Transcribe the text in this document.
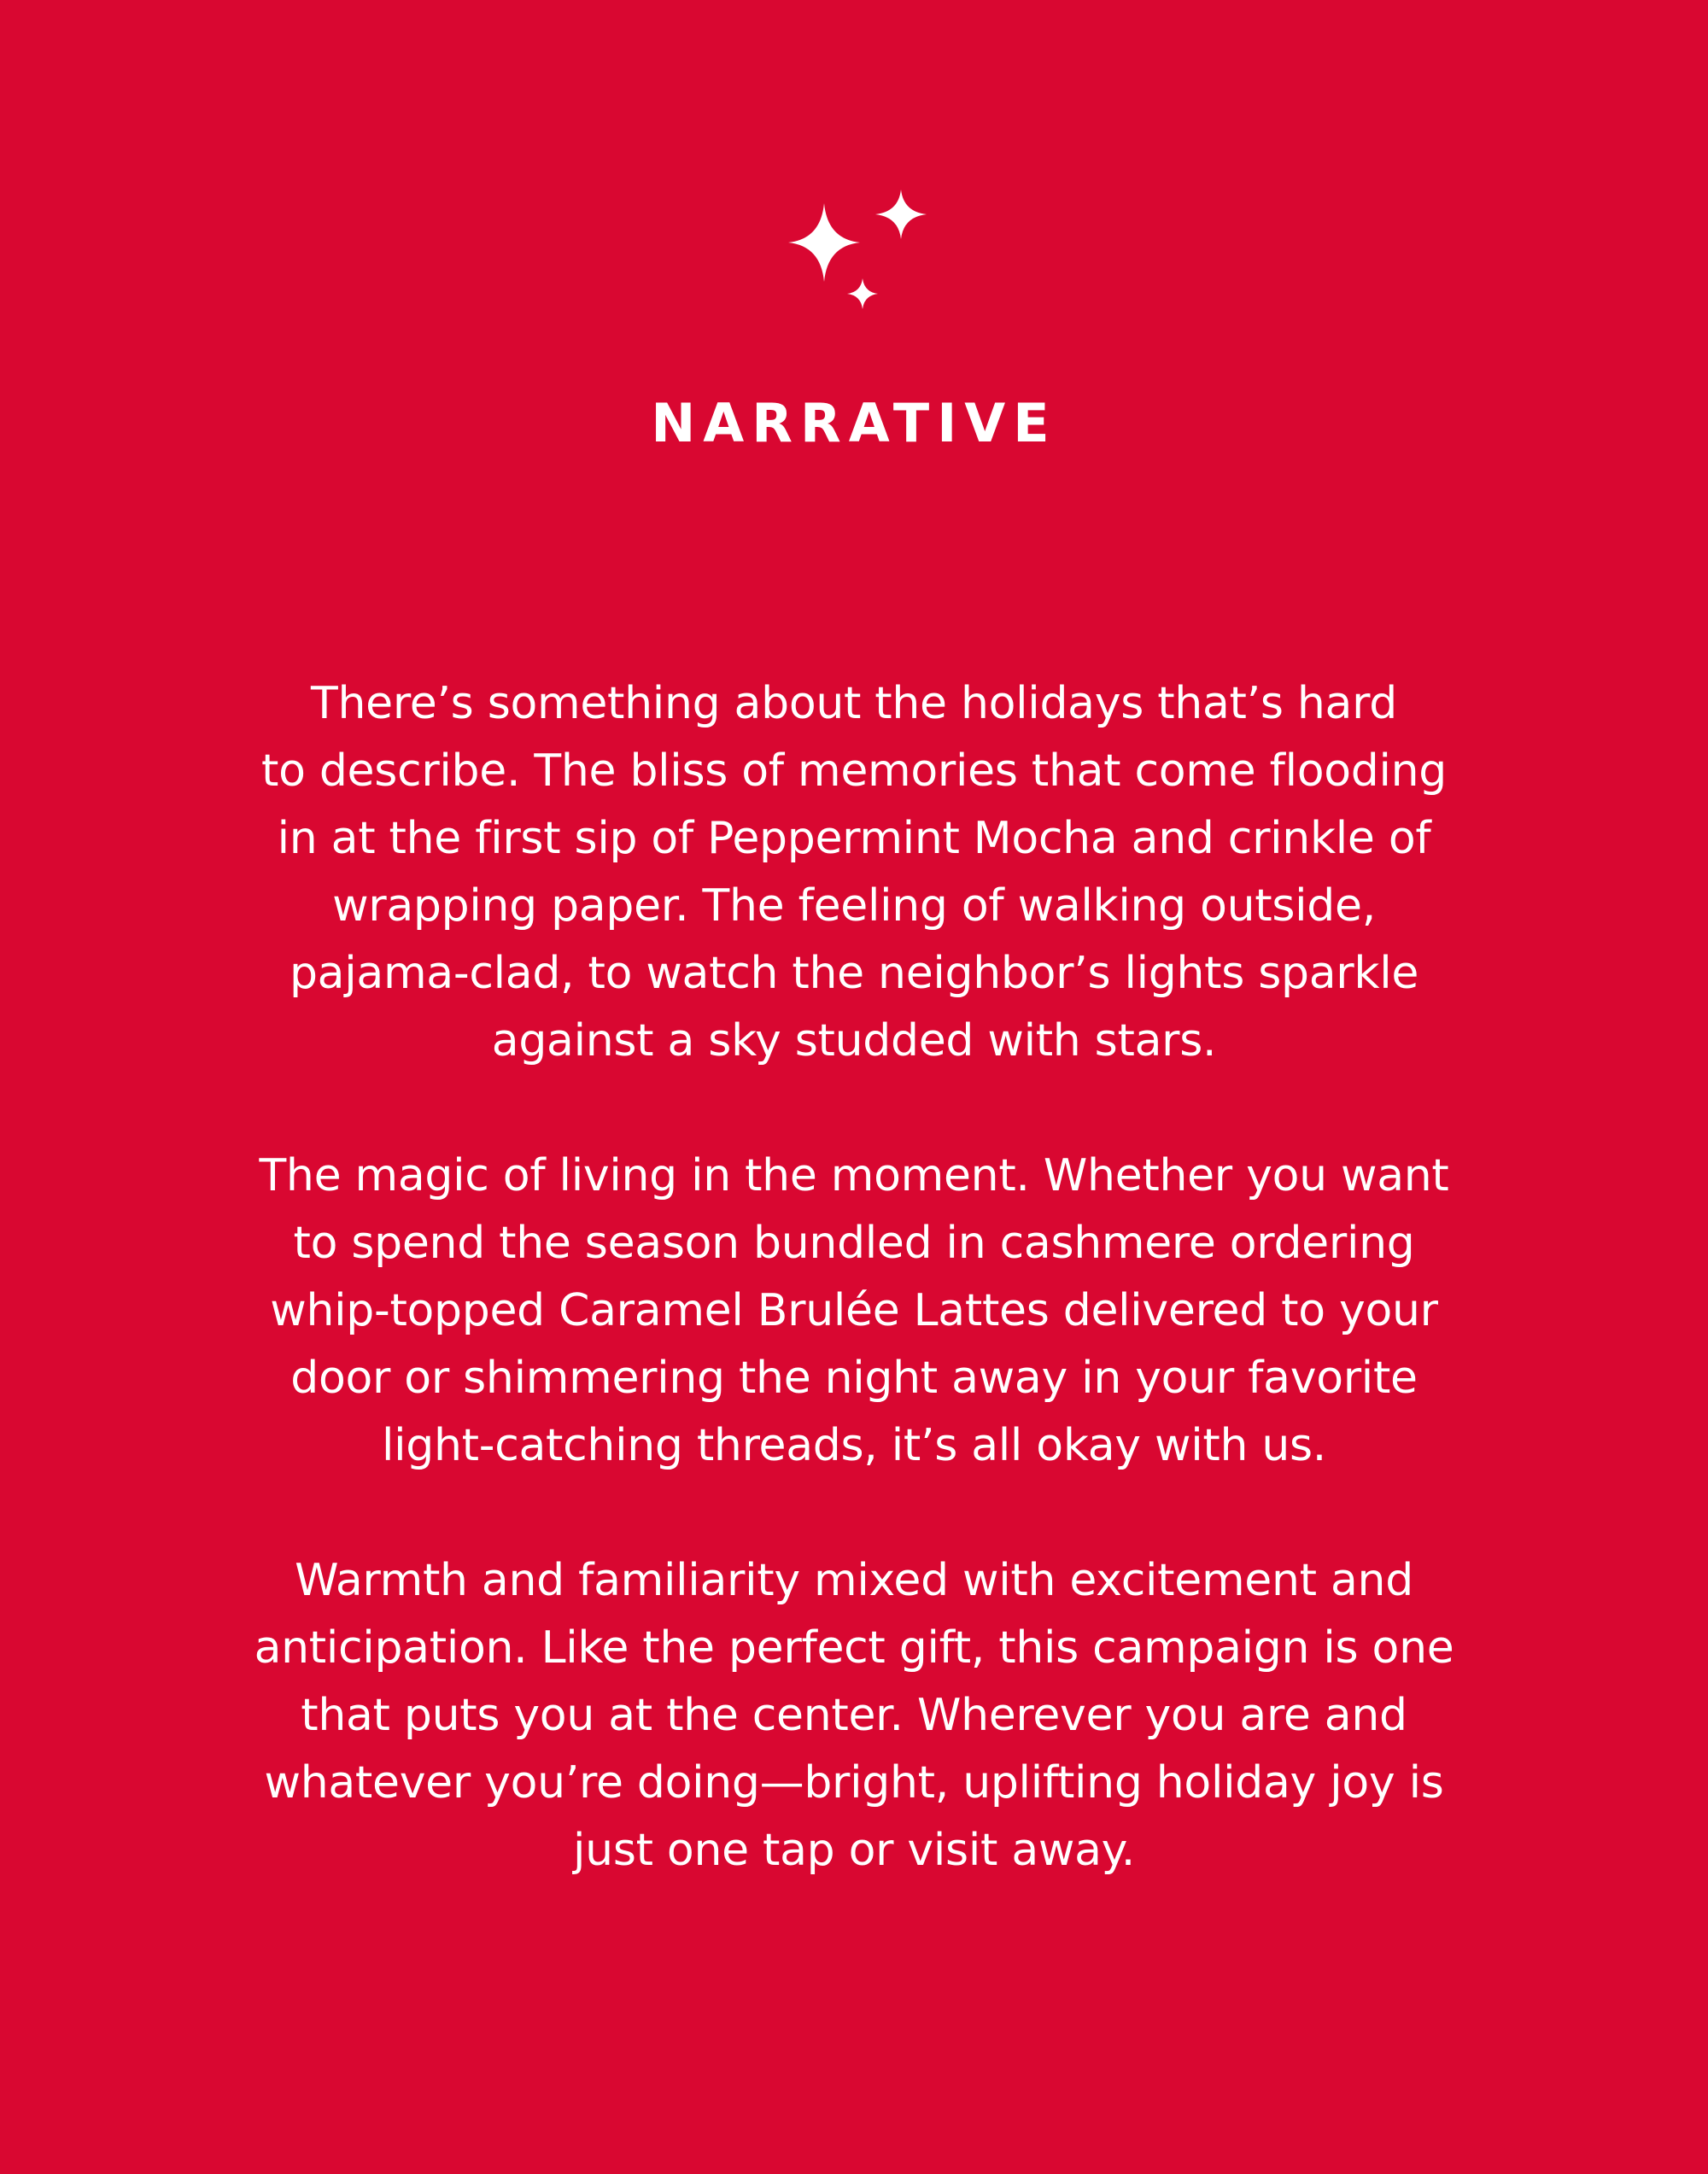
NARRATIVE

There’s something about the holidays that’s hard
to describe. The bliss of memories that come flooding
in at the first sip of Peppermint Mocha and crinkle of
wrapping paper. The feeling of walking outside,
pajama-clad, to watch the neighbor’s lights sparkle
against a sky studded with stars.

The magic of living in the moment. Whether you want
to spend the season bundled in cashmere ordering
whip-topped Caramel Brulée Lattes delivered to your
door or shimmering the night away in your favorite
light-catching threads, it’s all okay with us.

Warmth and familiarity mixed with excitement and
anticipation. Like the perfect gift, this campaign is one
that puts you at the center. Wherever you are and
whatever you’re doing—bright, uplifting holiday joy is
just one tap or visit away.
